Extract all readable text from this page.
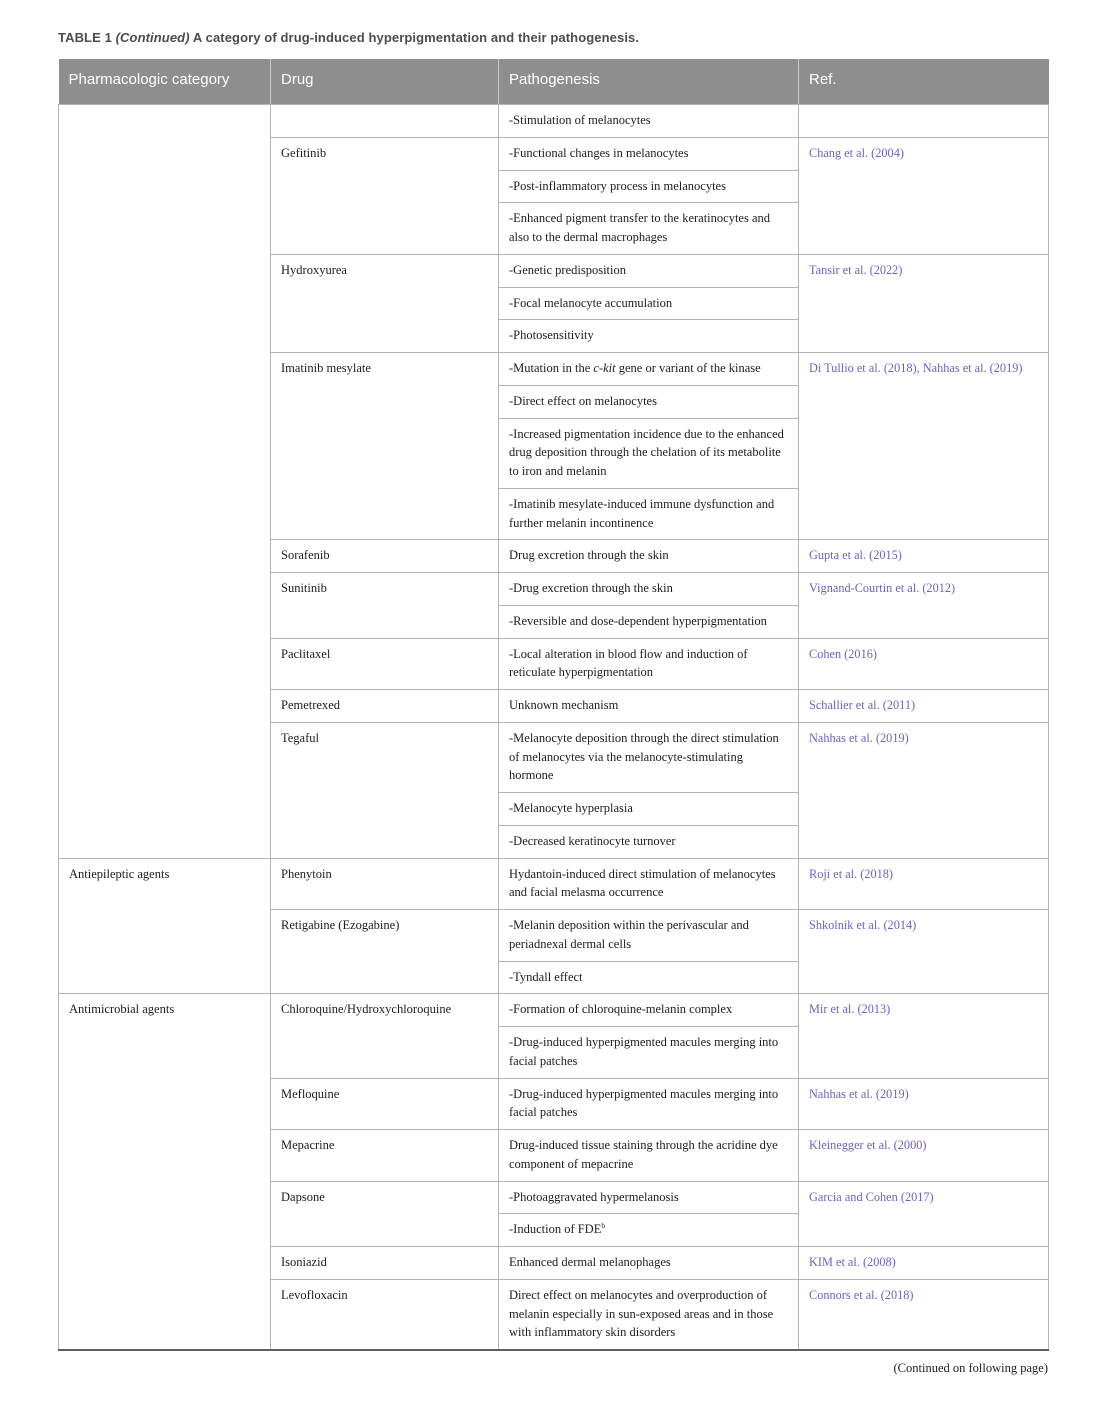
TABLE 1 (Continued) A category of drug-induced hyperpigmentation and their pathogenesis.

Pharmacologic category	Drug	Pathogenesis	Ref.
		-Stimulation of melanocytes	
	Gefitinib	-Functional changes in melanocytes	Chang et al. (2004)
		-Post-inflammatory process in melanocytes	
		-Enhanced pigment transfer to the keratinocytes and also to the dermal macrophages	
	Hydroxyurea	-Genetic predisposition	Tansir et al. (2022)
		-Focal melanocyte accumulation	
		-Photosensitivity	
	Imatinib mesylate	-Mutation in the c-kit gene or variant of the kinase	Di Tullio et al. (2018), Nahhas et al. (2019)
		-Direct effect on melanocytes	
		-Increased pigmentation incidence due to the enhanced drug deposition through the chelation of its metabolite to iron and melanin	
		-Imatinib mesylate-induced immune dysfunction and further melanin incontinence	
	Sorafenib	Drug excretion through the skin	Gupta et al. (2015)
	Sunitinib	-Drug excretion through the skin	Vignand-Courtin et al. (2012)
		-Reversible and dose-dependent hyperpigmentation	
	Paclitaxel	-Local alteration in blood flow and induction of reticulate hyperpigmentation	Cohen (2016)
	Pemetrexed	Unknown mechanism	Schallier et al. (2011)
	Tegaful	-Melanocyte deposition through the direct stimulation of melanocytes via the melanocyte-stimulating hormone	Nahhas et al. (2019)
		-Melanocyte hyperplasia	
		-Decreased keratinocyte turnover	
Antiepileptic agents	Phenytoin	Hydantoin-induced direct stimulation of melanocytes and facial melasma occurrence	Roji et al. (2018)
	Retigabine (Ezogabine)	-Melanin deposition within the perivascular and periadnexal dermal cells	Shkolnik et al. (2014)
		-Tyndall effect	
Antimicrobial agents	Chloroquine/Hydroxychloroquine	-Formation of chloroquine-melanin complex	Mir et al. (2013)
		-Drug-induced hyperpigmented macules merging into facial patches	
	Mefloquine	-Drug-induced hyperpigmented macules merging into facial patches	Nahhas et al. (2019)
	Mepacrine	Drug-induced tissue staining through the acridine dye component of mepacrine	Kleinegger et al. (2000)
	Dapsone	-Photoaggravated hypermelanosis	Garcia and Cohen (2017)
		-Induction of FDE$^b$
	Isoniazid	Enhanced dermal melanophages	KIM et al. (2008)
	Levofloxacin	Direct effect on melanocytes and overproduction of melanin especially in sun-exposed areas and in those with inflammatory skin disorders	Connors et al. (2018)

(Continued on following page)
